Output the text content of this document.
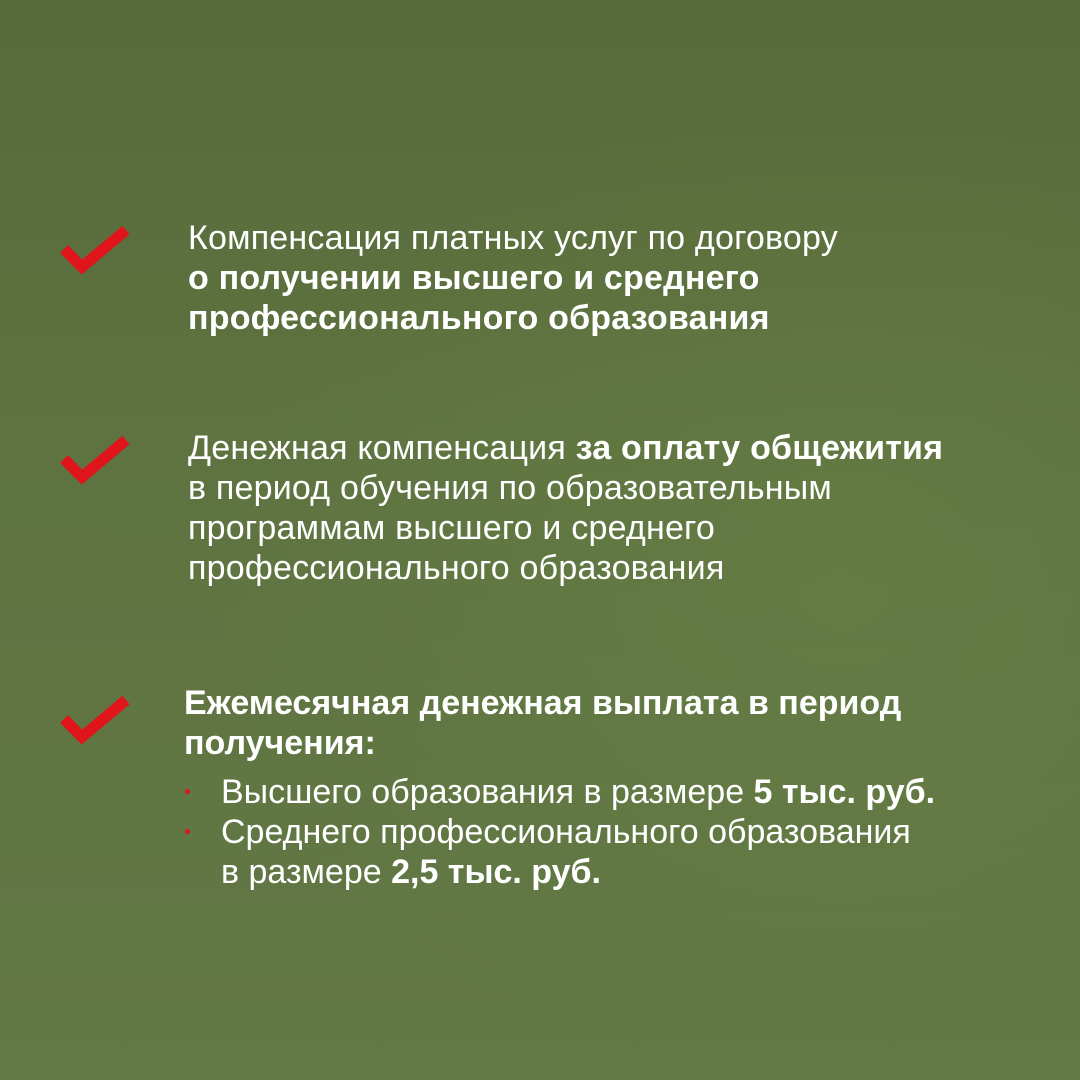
Компенсация платных услуг по договору
о получении высшего и среднего
профессионального образования
Денежная компенсация за оплату общежития
в период обучения по образовательным
программам высшего и среднего
профессионального образования
Ежемесячная денежная выплата в период
получения:
Высшего образования в размере 5 тыс. руб.
Среднего профессионального образования
в размере 2,5 тыс. руб.
